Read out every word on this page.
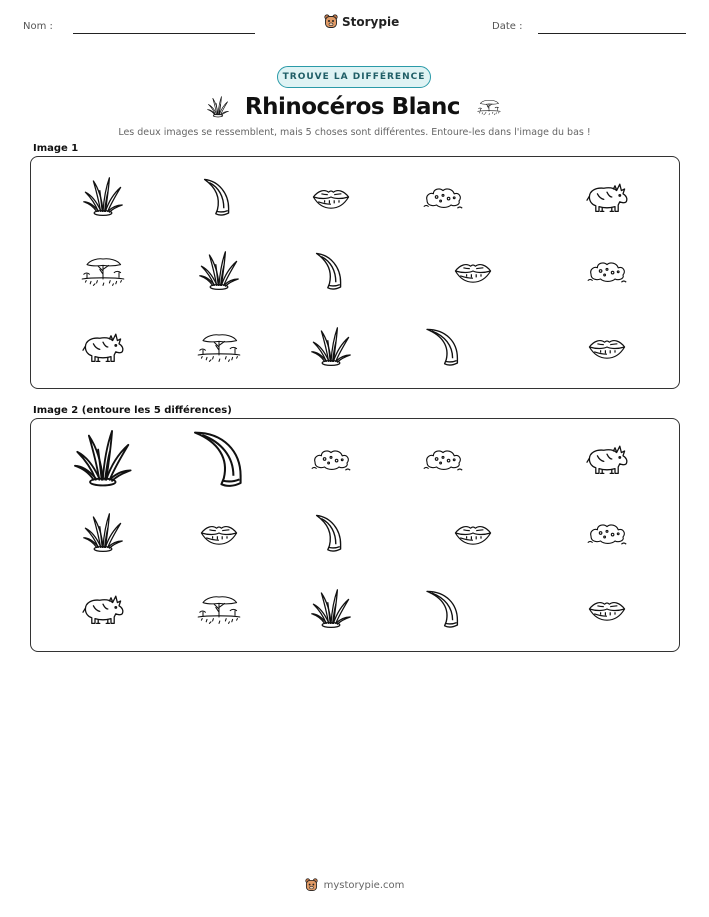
Nom :	Storypie	Date :
TROUVE LA DIFFÉRENCE
Rhinocéros Blanc
Les deux images se ressemblent, mais 5 choses sont différentes. Entoure-les dans l'image du bas !
Image 1
Image 2 (entoure les 5 différences)
mystorypie.com
